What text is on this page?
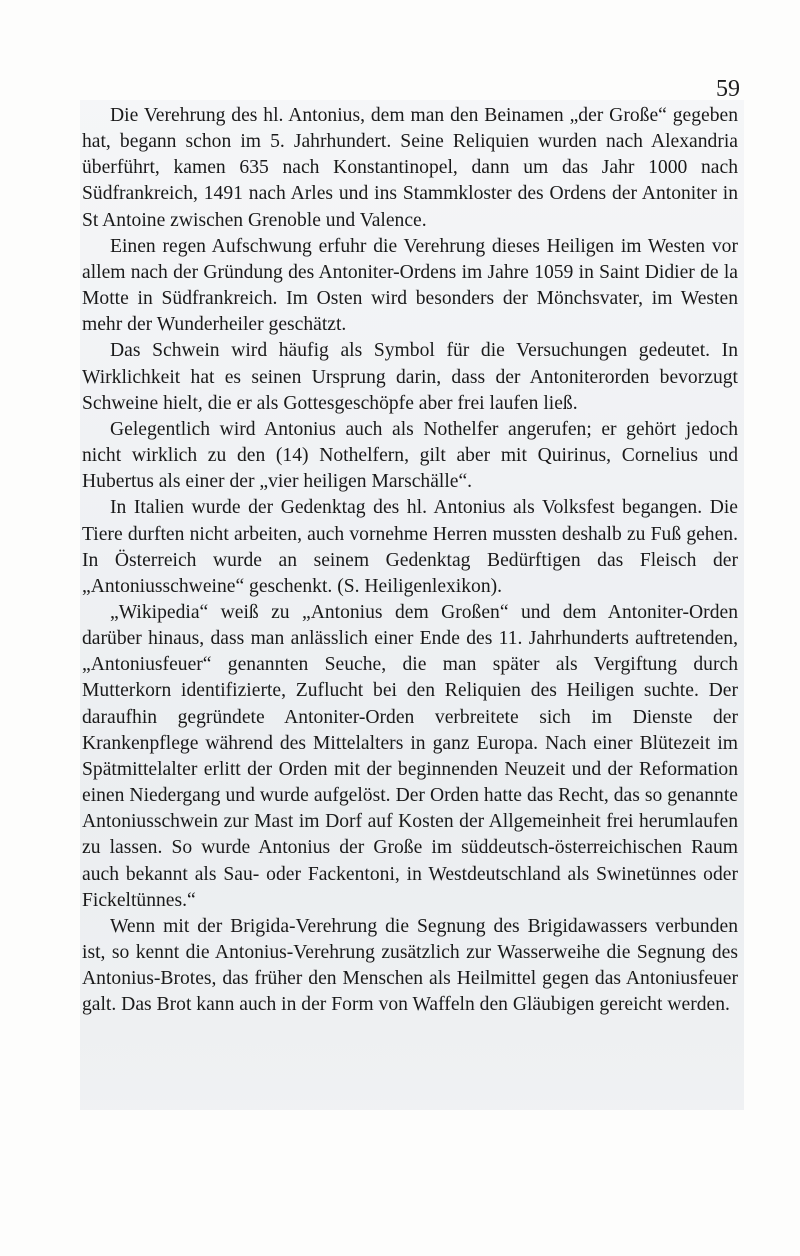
59

Die Verehrung des hl. Antonius, dem man den Beinamen „der Große“ gegeben hat, begann schon im 5. Jahrhundert. Seine Reliquien wurden nach Alexandria überführt, kamen 635 nach Konstantinopel, dann um das Jahr 1000 nach Südfrankreich, 1491 nach Arles und ins Stammkloster des Ordens der Antoniter in St Antoine zwischen Grenoble und Valence.

Einen regen Aufschwung erfuhr die Verehrung dieses Heiligen im Westen vor allem nach der Gründung des Antoniter-Ordens im Jahre 1059 in Saint Didier de la Motte in Südfrankreich. Im Osten wird besonders der Mönchsvater, im Westen mehr der Wunderheiler geschätzt.

Das Schwein wird häufig als Symbol für die Versuchungen gedeutet. In Wirklichkeit hat es seinen Ursprung darin, dass der Antoniterorden bevorzugt Schweine hielt, die er als Gottesgeschöpfe aber frei laufen ließ.

Gelegentlich wird Antonius auch als Nothelfer angerufen; er gehört jedoch nicht wirklich zu den (14) Nothelfern, gilt aber mit Quirinus, Cornelius und Hubertus als einer der „vier heiligen Marschälle“.

In Italien wurde der Gedenktag des hl. Antonius als Volksfest begangen. Die Tiere durften nicht arbeiten, auch vornehme Herren mussten deshalb zu Fuß gehen. In Österreich wurde an seinem Gedenktag Bedürftigen das Fleisch der „Antoniusschweine“ geschenkt. (S. Heiligenlexikon).

„Wikipedia“ weiß zu „Antonius dem Großen“ und dem Antoniter-Orden darüber hinaus, dass man anlässlich einer Ende des 11. Jahrhunderts auftretenden, „Antoniusfeuer“ genannten Seuche, die man später als Vergiftung durch Mutterkorn identifizierte, Zuflucht bei den Reliquien des Heiligen suchte. Der daraufhin gegründete Antoniter-Orden verbreitete sich im Dienste der Krankenpflege während des Mittelalters in ganz Europa. Nach einer Blütezeit im Spätmittelalter erlitt der Orden mit der beginnenden Neuzeit und der Reformation einen Niedergang und wurde aufgelöst. Der Orden hatte das Recht, das so genannte Antoniusschwein zur Mast im Dorf auf Kosten der Allgemeinheit frei herumlaufen zu lassen. So wurde Antonius der Große im süddeutsch-österreichischen Raum auch bekannt als Sau- oder Fackentoni, in Westdeutschland als Swinetünnes oder Fickeltünnes.“

Wenn mit der Brigida-Verehrung die Segnung des Brigidawassers verbunden ist, so kennt die Antonius-Verehrung zusätzlich zur Wasserweihe die Segnung des Antonius-Brotes, das früher den Menschen als Heilmittel gegen das Antoniusfeuer galt. Das Brot kann auch in der Form von Waffeln den Gläubigen gereicht werden.
